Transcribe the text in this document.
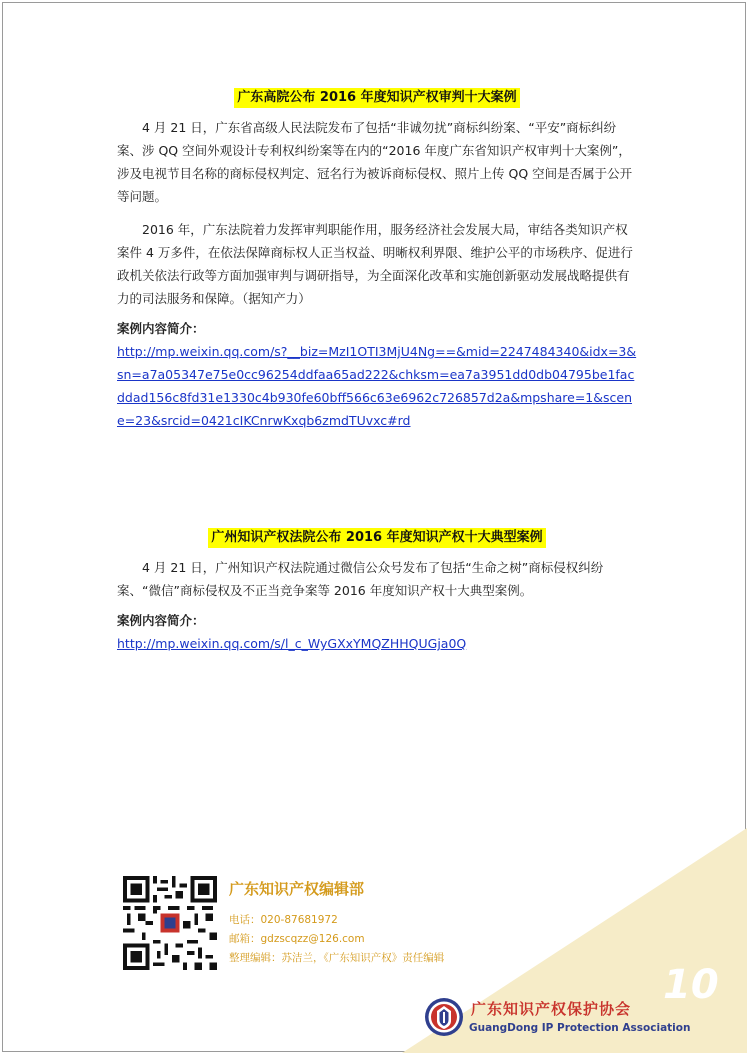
广东高院公布 2016 年度知识产权审判十大案例

4 月 21 日，广东省高级人民法院发布了包括“非诚勿扰”商标纠纷案、“平安”商标纠纷案、涉 QQ 空间外观设计专利权纠纷案等在内的“2016 年度广东省知识产权审判十大案例”，涉及电视节目名称的商标侵权判定、冠名行为被诉商标侵权、照片上传 QQ 空间是否属于公开等问题。

2016 年，广东法院着力发挥审判职能作用，服务经济社会发展大局，审结各类知识产权案件 4 万多件，在依法保障商标权人正当权益、明晰权利界限、维护公平的市场秩序、促进行政机关依法行政等方面加强审判与调研指导，为全面深化改革和实施创新驱动发展战略提供有力的司法服务和保障。（据知产力）

案例内容简介：

http://mp.weixin.qq.com/s?__biz=MzI1OTI3MjU4Ng==&mid=2247484340&idx=3&sn=a7a05347e75e0cc96254ddfaa65ad222&chksm=ea7a3951dd0db04795be1facddad156c8fd31e1330c4b930fe60bff566c63e6962c726857d2a&mpshare=1&scene=23&srcid=0421cIKCnrwKxqb6zmdTUvxc#rd
广州知识产权法院公布 2016 年度知识产权十大典型案例

4 月 21 日，广州知识产权法院通过微信公众号发布了包括“生命之树”商标侵权纠纷案、“微信”商标侵权及不正当竞争案等 2016 年度知识产权十大典型案例。

案例内容简介：

http://mp.weixin.qq.com/s/l_c_WyGXxYMQZHHQUGja0Q
广东知识产权编辑部
电话：020-87681972
邮箱：gdzscqzz@126.com
整理编辑：苏洁兰，《广东知识产权》责任编辑
广东知识产权保护协会
GuangDong IP Protection Association
10
